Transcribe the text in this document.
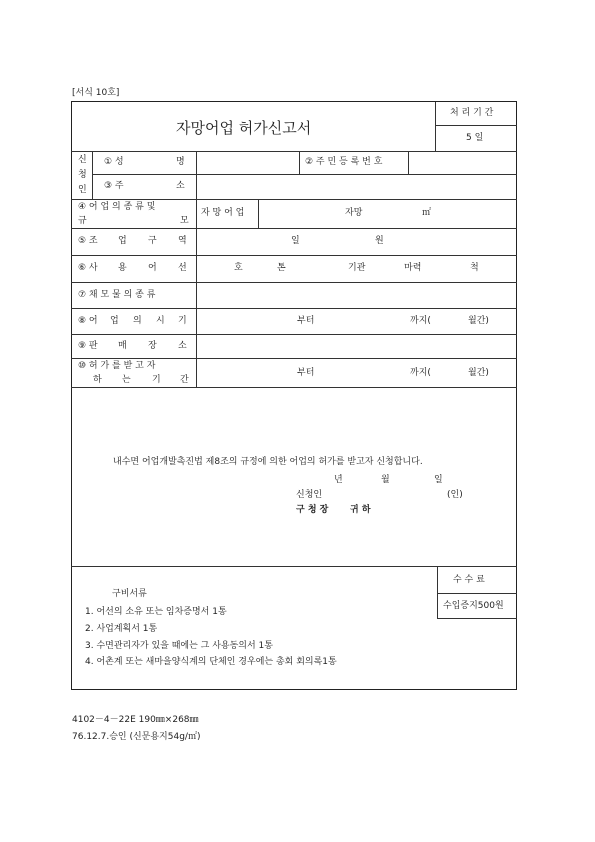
[서식 10호]
자망어업 허가신고서
처 리 기 간
5 일
신
청
인
① 성	명	② 주 민 등 록 번 호
③ 주	소
④ 어 업 의 종 류 및
규	모
자 망 어 업	자망	㎡
⑤ 조 업 구 역	일	원
⑥ 사 용 어 선	호	톤	기관	마력	척
⑦ 채 모 물 의 종 류
⑧ 어 업 의 시 기	부터	까지(	월간)
⑨ 판 매 장 소
⑩ 허 가 를 받 고 자
하 는 기 간
부터	까지(	월간)
내수면 어업개발촉진법 제8조의 규정에 의한 어업의 허가를 받고자 신청합니다.
년	월	일
신청인	(인)
구 청 장 귀 하
구비서류
1. 어선의 소유 또는 임차증명서 1통
2. 사업계획서 1통
3. 수면관리자가 있을 때에는 그 사용동의서 1통
4. 어촌계 또는 새마을양식계의 단체인 경우에는 총회 회의록1통
수 수 료
수입증지500원
4102－4－22E 190㎜×268㎜
76.12.7.승인 (신문용지54g/㎡)
